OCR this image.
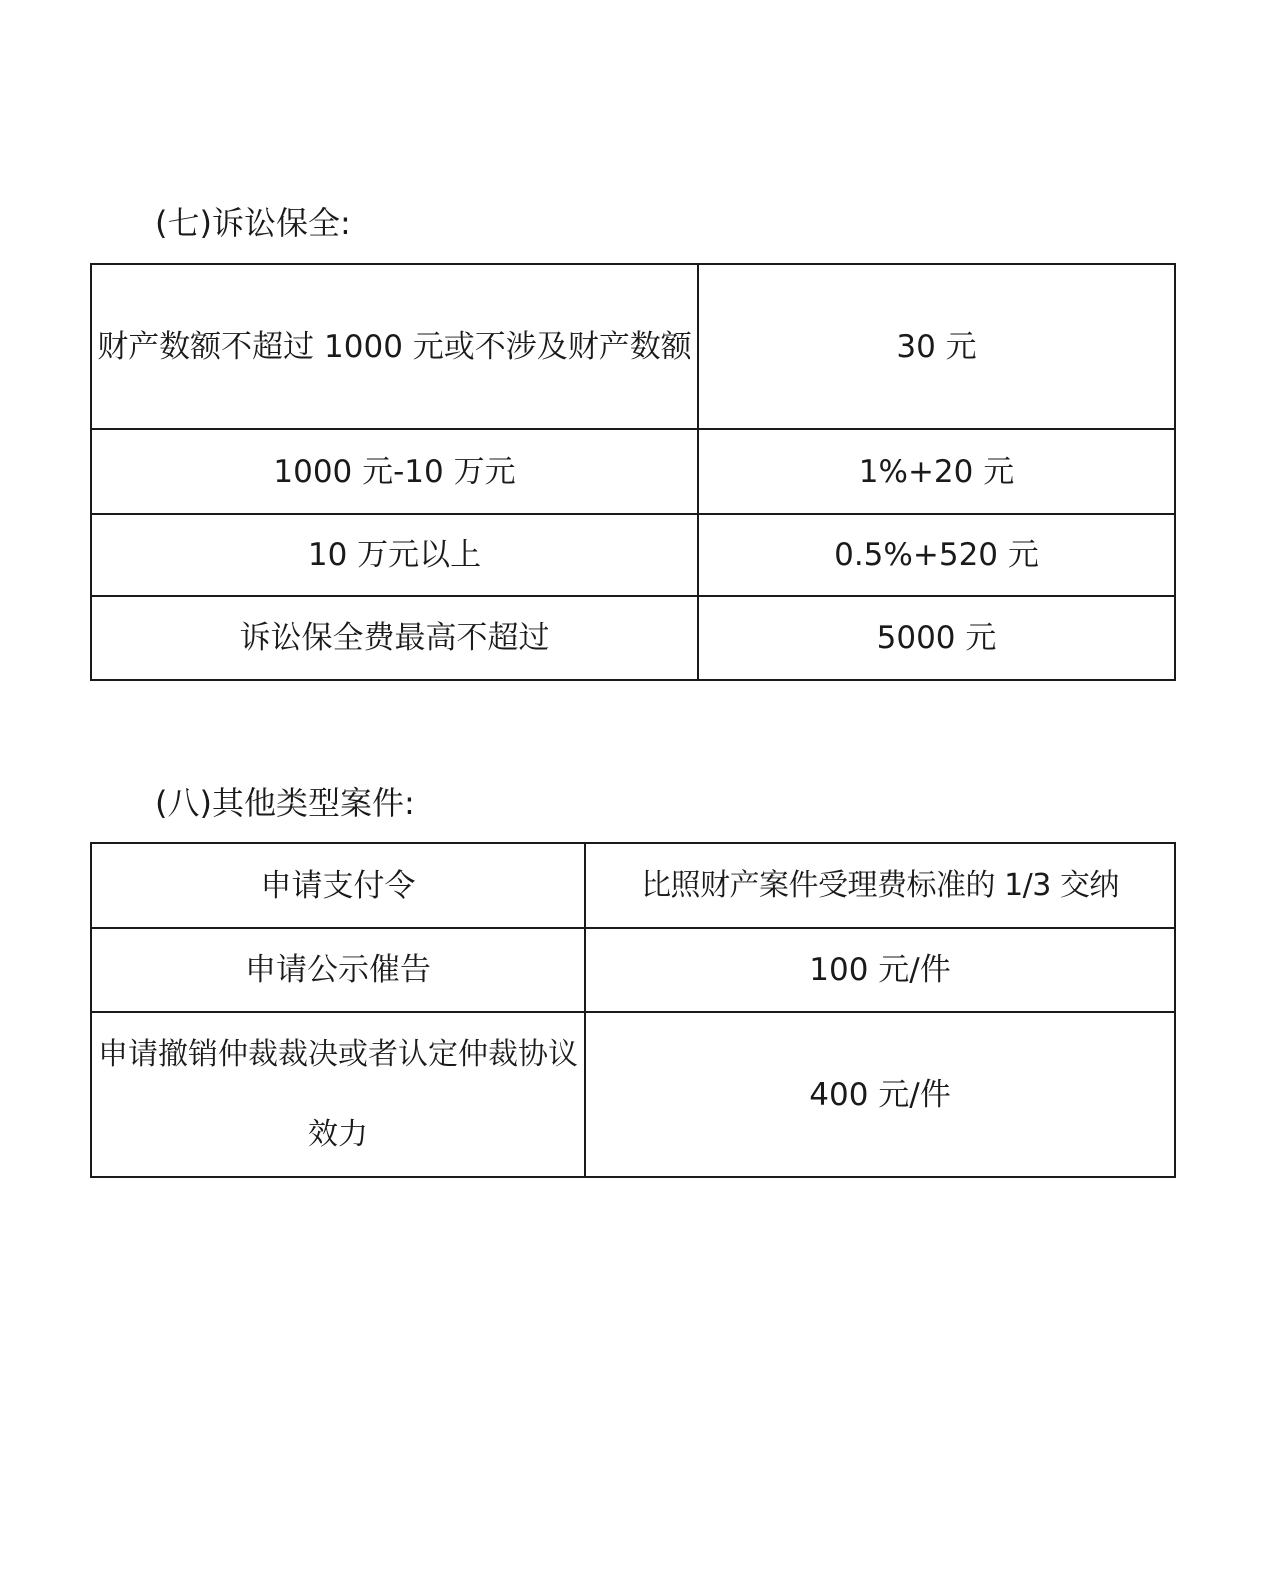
(七)诉讼保全:
财产数额不超过 1000 元或不涉及财产数额	30 元

1000 元-10 万元	1%+20 元

10 万元以上	0.5%+520 元

诉讼保全费最高不超过	5000 元
(八)其他类型案件:
申请支付令	比照财产案件受理费标准的 1/3 交纳

申请公示催告	100 元/件

申请撤销仲裁裁决或者认定仲裁协议效力	400 元/件
